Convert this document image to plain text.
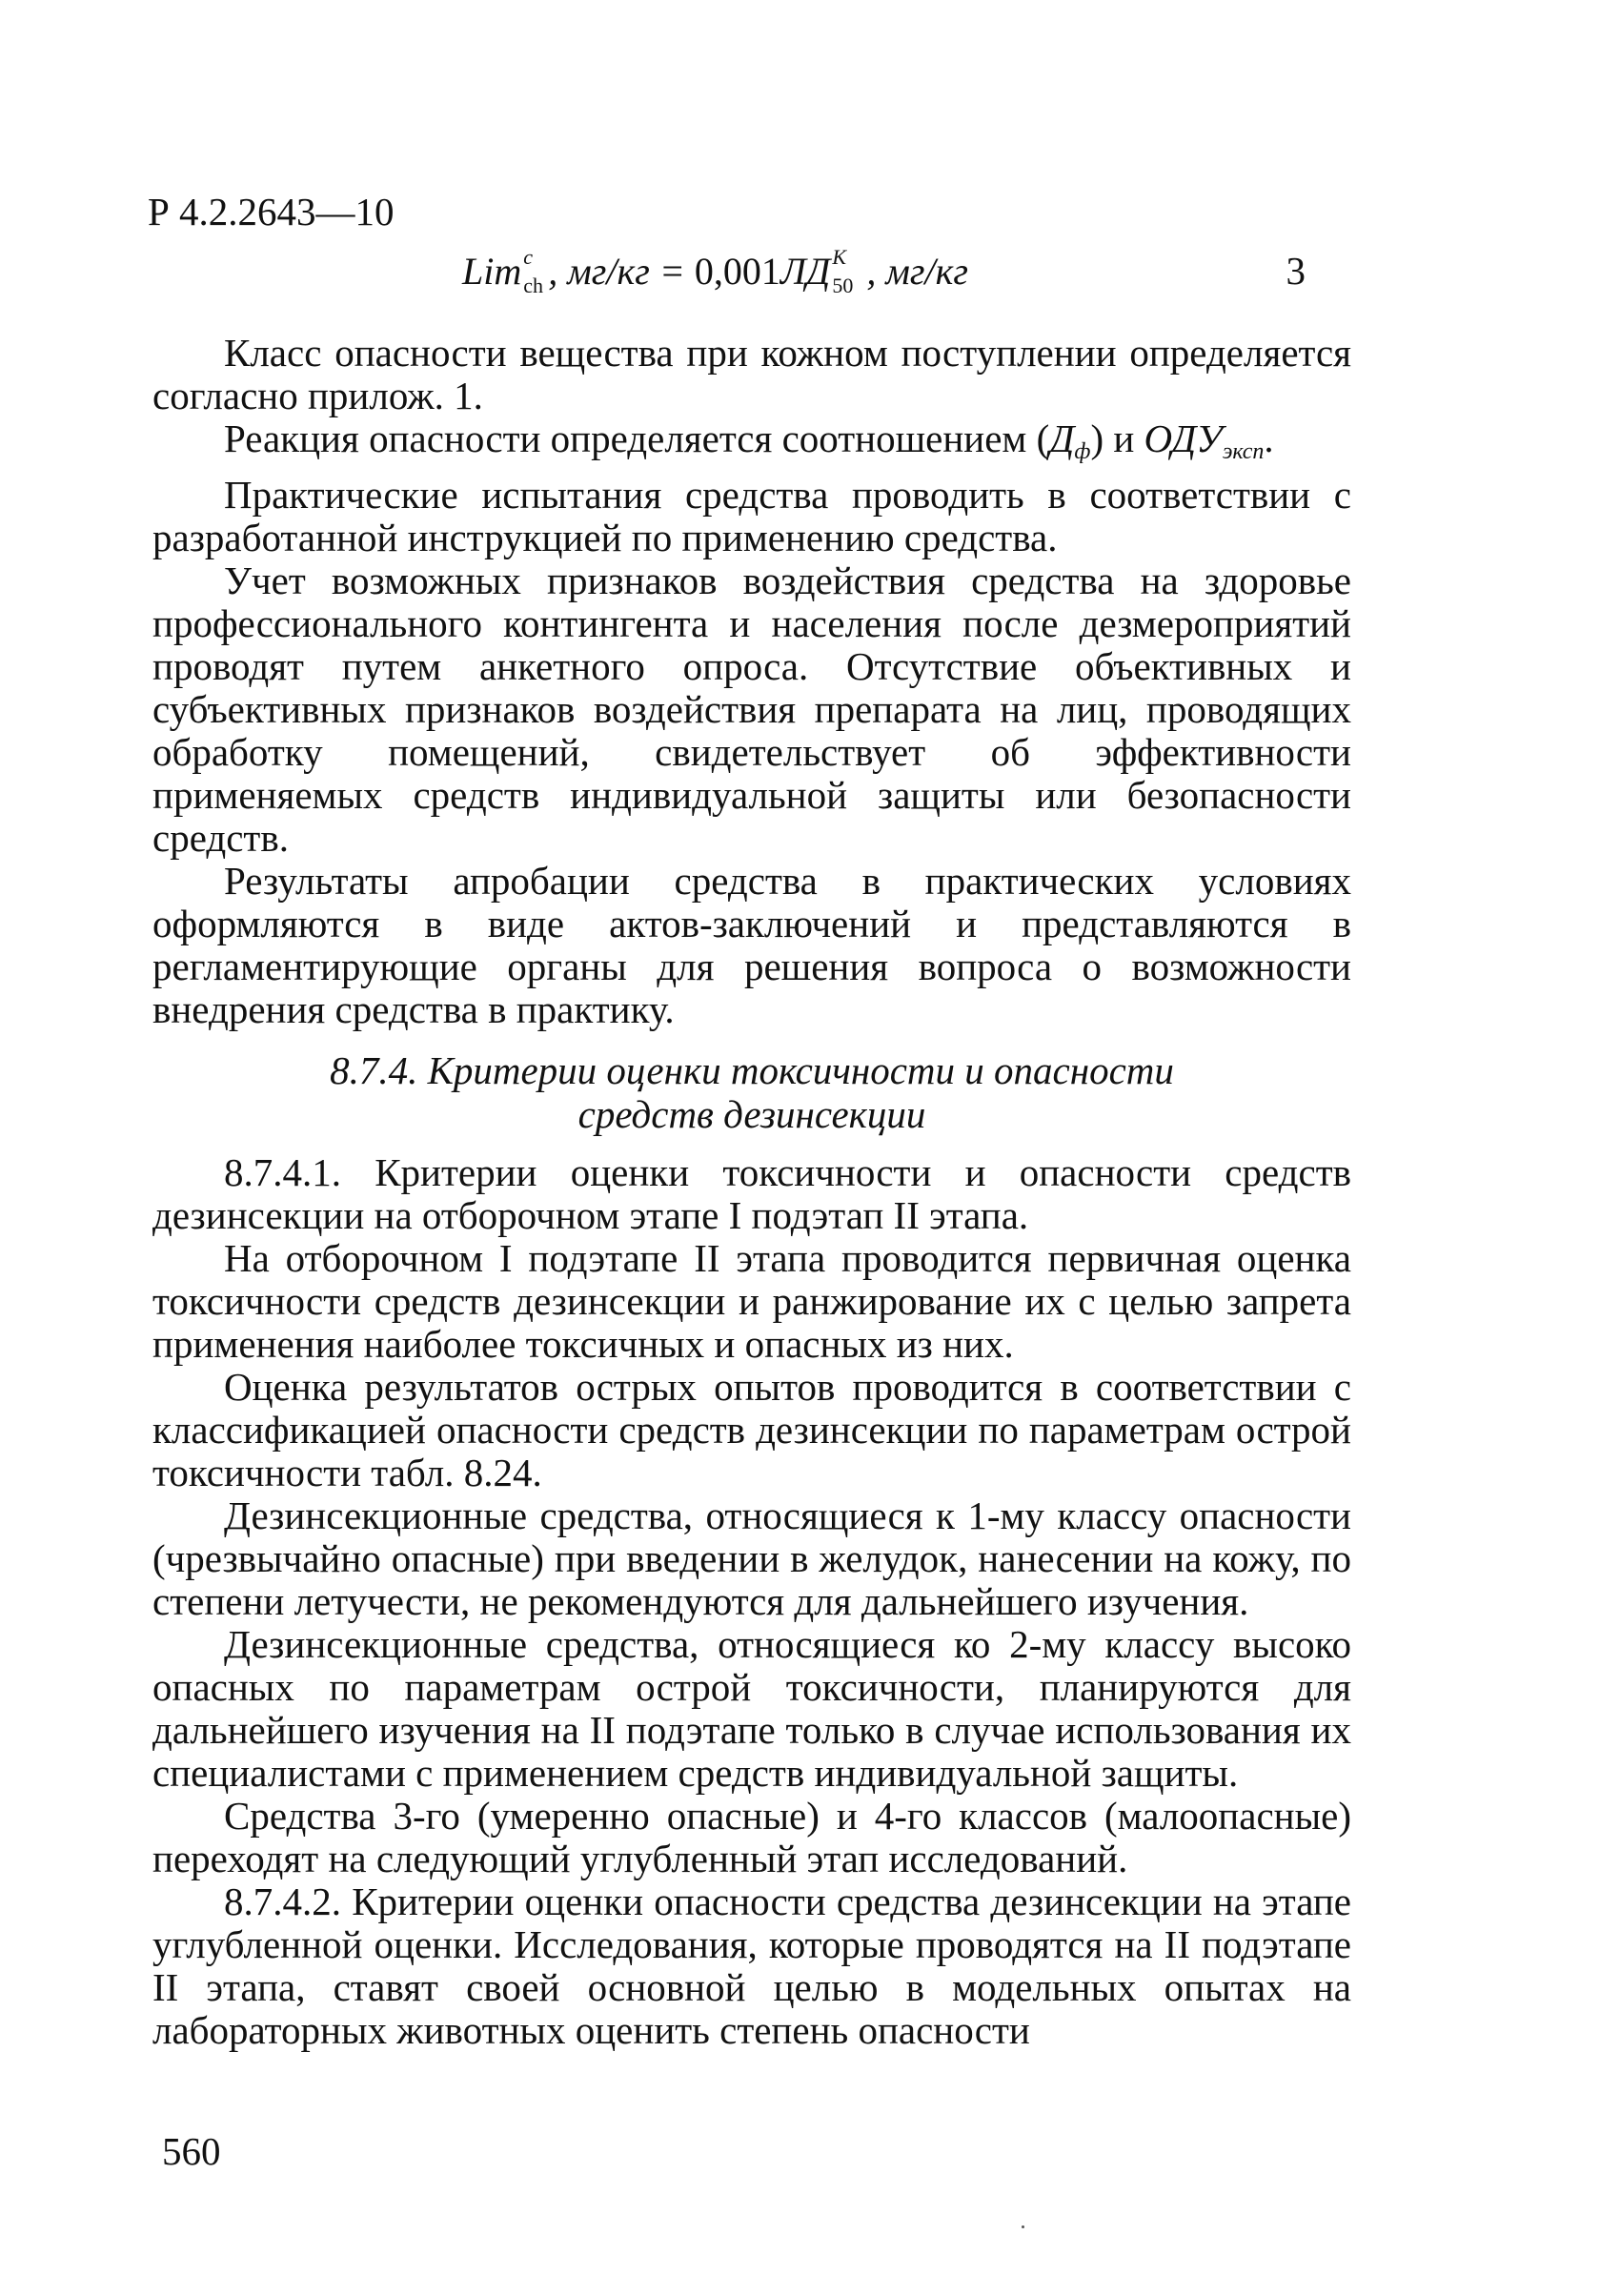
Р 4.2.2643—10
Lim c
ch , мг/кг = 0,001ЛД К
50 , мг/кг	3

Класс опасности вещества при кожном поступлении определяется согласно прилож. 1.

Реакция опасности определяется соотношением $(Д_ф)$ и $ОДУ_{эксп}$.

Практические испытания средства проводить в соответствии с разработанной инструкцией по применению средства.

Учет возможных признаков воздействия средства на здоровье профессионального контингента и населения после дезмероприятий проводят путем анкетного опроса. Отсутствие объективных и субъективных признаков воздействия препарата на лиц, проводящих обработку помещений, свидетельствует об эффективности применяемых средств индивидуальной защиты или безопасности средств.

Результаты апробации средства в практических условиях оформляются в виде актов-заключений и представляются в регламентирующие органы для решения вопроса о возможности внедрения средства в практику.

8.7.4. Критерии оценки токсичности и опасности
средств дезинсекции

8.7.4.1. Критерии оценки токсичности и опасности средств дезинсекции на отборочном этапе I подэтап II этапа.

На отборочном I подэтапе II этапа проводится первичная оценка токсичности средств дезинсекции и ранжирование их с целью запрета применения наиболее токсичных и опасных из них.

Оценка результатов острых опытов проводится в соответствии с классификацией опасности средств дезинсекции по параметрам острой токсичности табл. 8.24.

Дезинсекционные средства, относящиеся к 1-му классу опасности (чрезвычайно опасные) при введении в желудок, нанесении на кожу, по степени летучести, не рекомендуются для дальнейшего изучения.

Дезинсекционные средства, относящиеся ко 2-му классу высоко опасных по параметрам острой токсичности, планируются для дальнейшего изучения на II подэтапе только в случае использования их специалистами с применением средств индивидуальной защиты.

Средства 3-го (умеренно опасные) и 4-го классов (малоопасные) переходят на следующий углубленный этап исследований.

8.7.4.2. Критерии оценки опасности средства дезинсекции на этапе углубленной оценки. Исследования, которые проводятся на II подэтапе II этапа, ставят своей основной целью в модельных опытах на лабораторных животных оценить степень опасности

560
